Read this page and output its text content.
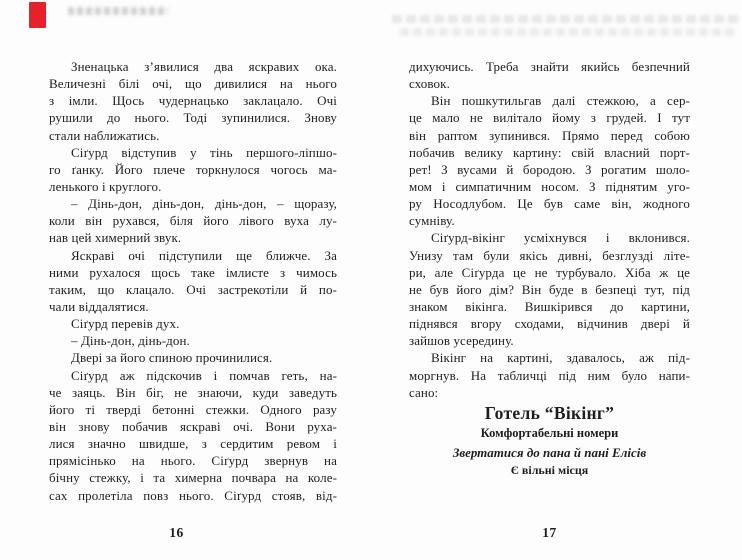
Зненацька з’явилися два яскравих ока.
Величезні білі очі, що дивилися на нього
з імли. Щось чудернацько заклацало. Очі
рушили до нього. Тоді зупинилися. Знову
стали наближатись.
Сіґурд відступив у тінь першого-ліпшо-
го ґанку. Його плече торкнулося чогось ма-
ленького і круглого.
– Дінь-дон, дінь-дон, дінь-дон, – щоразу,
коли він рухався, біля його лівого вуха лу-
нав цей химерний звук.
Яскраві очі підступили ще ближче. За
ними рухалося щось таке імлисте з чимось
таким, що клацало. Очі застрекотіли й по-
чали віддалятися.
Сіґурд перевів дух.
– Дінь-дон, дінь-дон.
Двері за його спиною прочинилися.
Сіґурд аж підскочив і помчав геть, на-
че заяць. Він біг, не знаючи, куди заведуть
його ті тверді бетонні стежки. Одного разу
він знову побачив яскраві очі. Вони руха-
лися значно швидше, з сердитим ревом і
прямісінько на нього. Сіґурд звернув на
бічну стежку, і та химерна почвара на коле-
сах пролетіла повз нього. Сіґурд стояв, від-
16
дихуючись. Треба знайти якийсь безпечний
сховок.
Він пошкутильгав далі стежкою, а сер-
це мало не вилітало йому з грудей. І тут
він раптом зупинився. Прямо перед собою
побачив велику картину: свій власний порт-
рет! З вусами й бородою. З рогатим шоло-
мом і симпатичним носом. З піднятим уго-
ру Носодлубом. Це був саме він, жодного
сумніву.
Сіґурд-вікінг усміхнувся і вклонився.
Унизу там були якісь дивні, безглузді літе-
ри, але Сіґурда це не турбувало. Хіба ж це
не був його дім? Він буде в безпеці тут, під
знаком вікінга. Вишкірився до картини,
піднявся вгору сходами, відчинив двері й
зайшов усередину.
Вікінг на картині, здавалось, аж під-
моргнув. На табличці під ним було напи-
сано:
Готель “Вікінг”
Комфортабельні номери
Звертатися до пана й пані Елісів
Є вільні місця
17
